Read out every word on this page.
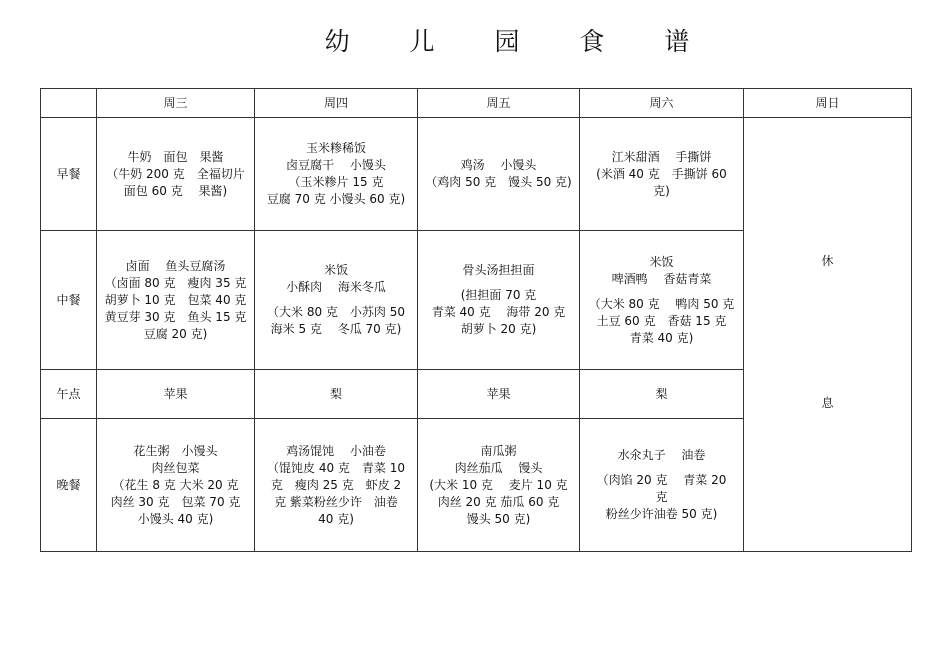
幼 儿 园 食 谱
	周三	周四	周五	周六	周日
早餐	牛奶　面包　果酱
（牛奶 200 克　全福切片
面包 60 克　 果酱)	玉米糁稀饭
卤豆腐干　 小馒头
（玉米糁片 15 克
豆腐 70 克 小馒头 60 克)	鸡汤　 小馒头
（鸡肉 50 克　馒头 50 克)	江米甜酒　 手撕饼
(米酒 40 克　手撕饼 60
克)	休
息

中餐	卤面　 鱼头豆腐汤
（卤面 80 克　瘦肉 35 克
胡萝卜 10 克　包菜 40 克
黄豆芽 30 克　鱼头 15 克
豆腐 20 克)	米饭
小酥肉　 海米冬瓜
（大米 80 克　小苏肉 50
海米 5 克　 冬瓜 70 克)	骨头汤担担面
(担担面 70 克
青菜 40 克　 海带 20 克
胡萝卜 20 克)	米饭
啤酒鸭　 香菇青菜
（大米 80 克　 鸭肉 50 克
土豆 60 克　香菇 15 克
青菜 40 克)	

午点	苹果	梨	苹果	梨	

晚餐	花生粥　小馒头
肉丝包菜
（花生 8 克 大米 20 克
肉丝 30 克　包菜 70 克
小馒头 40 克)	鸡汤馄饨　 小油卷
（馄饨皮 40 克　青菜 10
克　瘦肉 25 克　虾皮 2
克 紫菜粉丝少许　油卷
40 克)	南瓜粥
肉丝茄瓜　 馒头
(大米 10 克　 麦片 10 克
肉丝 20 克 茄瓜 60 克
馒头 50 克)	水氽丸子　 油卷
（肉馅 20 克　 青菜 20
克
粉丝少许油卷 50 克)	
